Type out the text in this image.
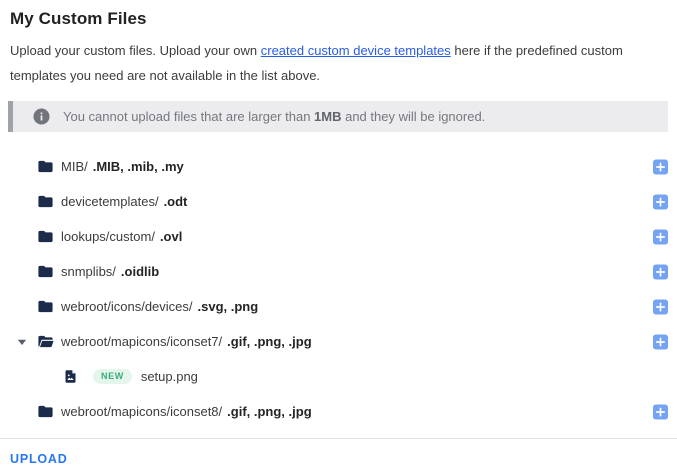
My Custom Files

Upload your custom files. Upload your own created custom device templates here if the predefined custom templates you need are not available in the list above.

You cannot upload files that are larger than 1MB and they will be ignored.
MIB/ .MIB, .mib, .my
devicetemplates/ .odt
lookups/custom/ .ovl
snmplibs/ .oidlib
webroot/icons/devices/ .svg, .png
webroot/mapicons/iconset7/ .gif, .png, .jpg
NEW	setup.png
webroot/mapicons/iconset8/ .gif, .png, .jpg
UPLOAD
